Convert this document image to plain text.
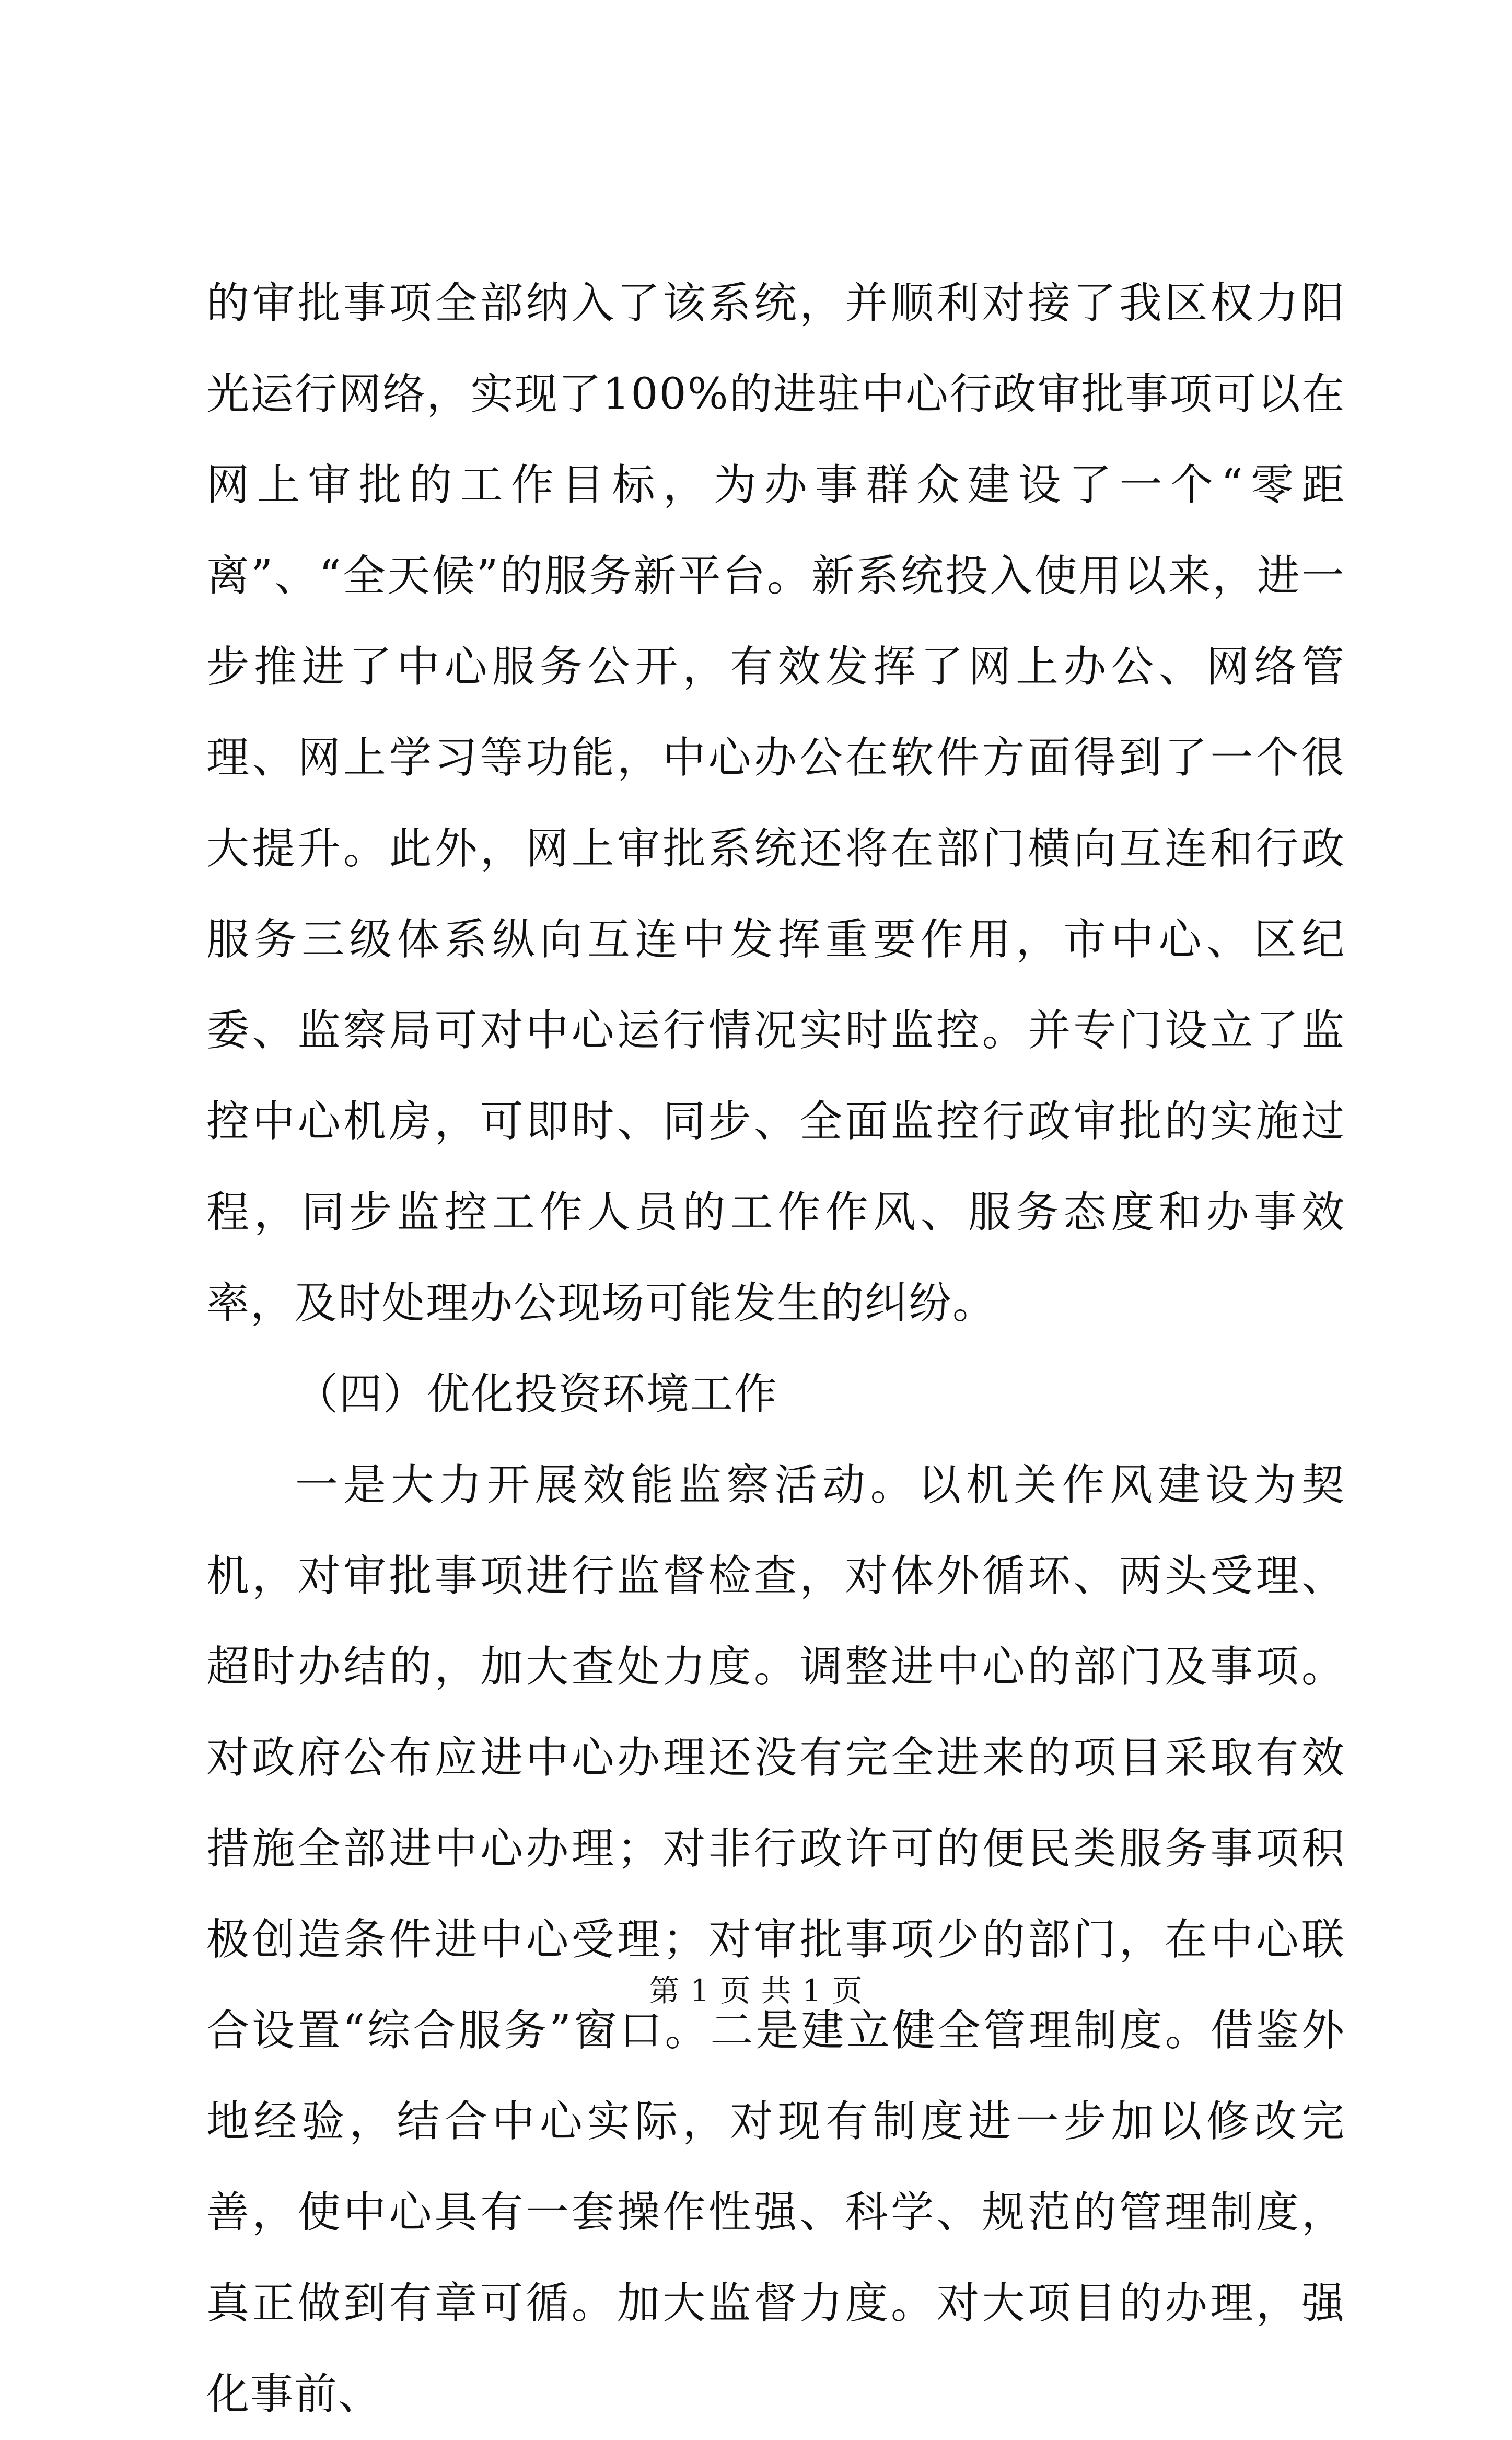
的审批事项全部纳入了该系统，并顺利对接了我区权力阳光运行网络，实现了100%的进驻中心行政审批事项可以在网上审批的工作目标，为办事群众建设了一个“零距离”、“全天候”的服务新平台。新系统投入使用以来，进一步推进了中心服务公开，有效发挥了网上办公、网络管理、网上学习等功能，中心办公在软件方面得到了一个很大提升。此外，网上审批系统还将在部门横向互连和行政服务三级体系纵向互连中发挥重要作用，市中心、区纪委、监察局可对中心运行情况实时监控。并专门设立了监控中心机房，可即时、同步、全面监控行政审批的实施过程，同步监控工作人员的工作作风、服务态度和办事效率，及时处理办公现场可能发生的纠纷。

（四）优化投资环境工作

一是大力开展效能监察活动。以机关作风建设为契机，对审批事项进行监督检查，对体外循环、两头受理、超时办结的，加大查处力度。调整进中心的部门及事项。对政府公布应进中心办理还没有完全进来的项目采取有效措施全部进中心办理；对非行政许可的便民类服务事项积极创造条件进中心受理；对审批事项少的部门，在中心联合设置“综合服务”窗口。二是建立健全管理制度。借鉴外地经验，结合中心实际，对现有制度进一步加以修改完善，使中心具有一套操作性强、科学、规范的管理制度，真正做到有章可循。加大监督力度。对大项目的办理，强化事前、

第 1 页 共 1 页
